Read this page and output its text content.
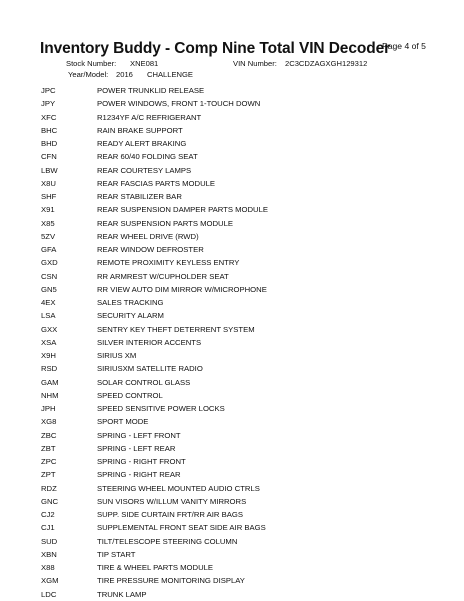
Inventory Buddy - Comp Nine Total VIN Decoder
Page 4 of 5
Stock Number: XNE081	VIN Number: 2C3CDZAGXGH129312
Year/Model: 2016 CHALLENGE
JPC	POWER TRUNKLID RELEASE
JPY	POWER WINDOWS, FRONT 1-TOUCH DOWN
XFC	R1234YF A/C REFRIGERANT
BHC	RAIN BRAKE SUPPORT
BHD	READY ALERT BRAKING
CFN	REAR 60/40 FOLDING SEAT
LBW	REAR COURTESY LAMPS
X8U	REAR FASCIAS PARTS MODULE
SHF	REAR STABILIZER BAR
X91	REAR SUSPENSION DAMPER PARTS MODULE
X85	REAR SUSPENSION PARTS MODULE
5ZV	REAR WHEEL DRIVE (RWD)
GFA	REAR WINDOW DEFROSTER
GXD	REMOTE PROXIMITY KEYLESS ENTRY
CSN	RR ARMREST W/CUPHOLDER SEAT
GN5	RR VIEW AUTO DIM MIRROR W/MICROPHONE
4EX	SALES TRACKING
LSA	SECURITY ALARM
GXX	SENTRY KEY THEFT DETERRENT SYSTEM
XSA	SILVER INTERIOR ACCENTS
X9H	SIRIUS XM
RSD	SIRIUSXM SATELLITE RADIO
GAM	SOLAR CONTROL GLASS
NHM	SPEED CONTROL
JPH	SPEED SENSITIVE POWER LOCKS
XG8	SPORT MODE
ZBC	SPRING - LEFT FRONT
ZBT	SPRING - LEFT REAR
ZPC	SPRING - RIGHT FRONT
ZPT	SPRING - RIGHT REAR
RDZ	STEERING WHEEL MOUNTED AUDIO CTRLS
GNC	SUN VISORS W/ILLUM VANITY MIRRORS
CJ2	SUPP. SIDE CURTAIN FRT/RR AIR BAGS
CJ1	SUPPLEMENTAL FRONT SEAT SIDE AIR BAGS
SUD	TILT/TELESCOPE STEERING COLUMN
XBN	TIP START
X88	TIRE & WHEEL PARTS MODULE
XGM	TIRE PRESSURE MONITORING DISPLAY
LDC	TRUNK LAMP
